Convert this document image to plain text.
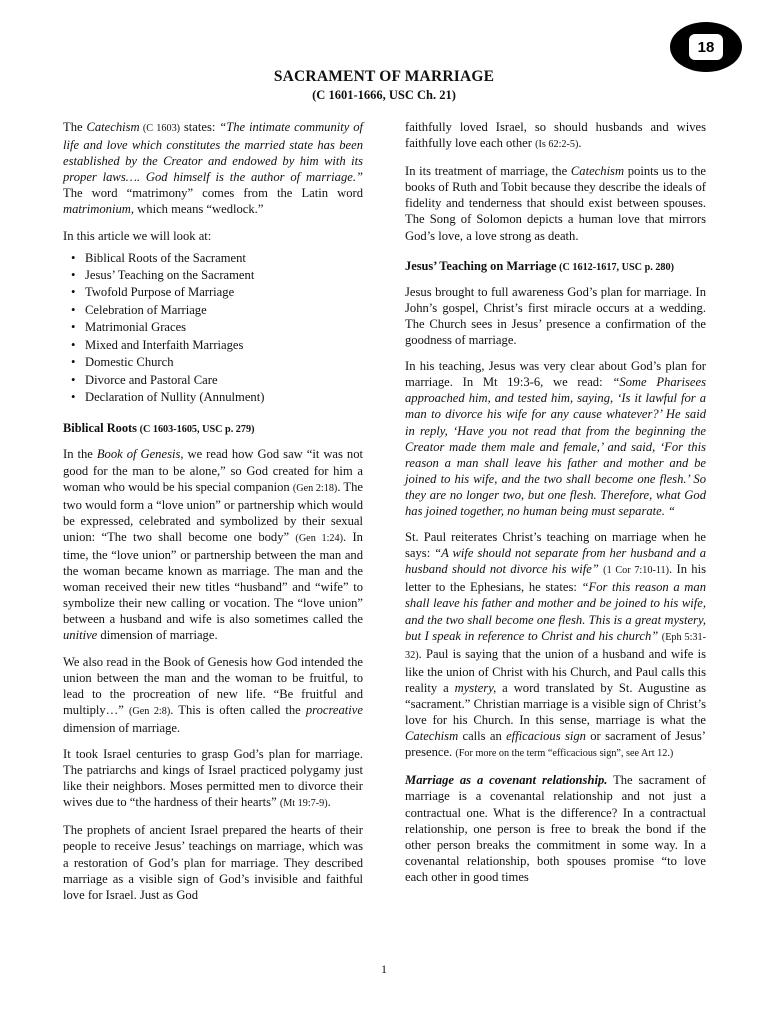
18
SACRAMENT OF MARRIAGE
(C 1601-1666, USC Ch. 21)

The Catechism (C 1603) states: “The intimate community of life and love which constitutes the married state has been established by the Creator and endowed by him with its proper laws…. God himself is the author of marriage.” The word “matrimony” comes from the Latin word matrimonium, which means “wedlock.”

In this article we will look at:

• Biblical Roots of the Sacrament
• Jesus’ Teaching on the Sacrament
• Twofold Purpose of Marriage
• Celebration of Marriage
• Matrimonial Graces
• Mixed and Interfaith Marriages
• Domestic Church
• Divorce and Pastoral Care
• Declaration of Nullity (Annulment)
Biblical Roots (C 1603-1605, USC p. 279)

In the Book of Genesis, we read how God saw “it was not good for the man to be alone,” so God created for him a woman who would be his special companion (Gen 2:18). The two would form a “love union” or partnership which would be expressed, celebrated and symbolized by their sexual union: “The two shall become one body” (Gen 1:24). In time, the “love union” or partnership between the man and the woman became known as marriage. The man and the woman received their new titles “husband” and “wife” to symbolize their new calling or vocation. The “love union” between a husband and wife is also sometimes called the unitive dimension of marriage.

We also read in the Book of Genesis how God intended the union between the man and the woman to be fruitful, to lead to the procreation of new life. “Be fruitful and multiply…” (Gen 2:8). This is often called the procreative dimension of marriage.

It took Israel centuries to grasp God’s plan for marriage. The patriarchs and kings of Israel practiced polygamy just like their neighbors. Moses permitted men to divorce their wives due to “the hardness of their hearts” (Mt 19:7-9).

The prophets of ancient Israel prepared the hearts of their people to receive Jesus’ teachings on marriage, which was a restoration of God’s plan for marriage. They described marriage as a visible sign of God’s invisible and faithful love for Israel. Just as God

faithfully loved Israel, so should husbands and wives faithfully love each other (Is 62:2-5).

In its treatment of marriage, the Catechism points us to the books of Ruth and Tobit because they describe the ideals of fidelity and tenderness that should exist between spouses. The Song of Solomon depicts a human love that mirrors God’s love, a love strong as death.

Jesus’ Teaching on Marriage (C 1612-1617, USC p. 280)

Jesus brought to full awareness God’s plan for marriage. In John’s gospel, Christ’s first miracle occurs at a wedding. The Church sees in Jesus’ presence a confirmation of the goodness of marriage.

In his teaching, Jesus was very clear about God’s plan for marriage. In Mt 19:3-6, we read: “Some Pharisees approached him, and tested him, saying, ‘Is it lawful for a man to divorce his wife for any cause whatever?’ He said in reply, ‘Have you not read that from the beginning the Creator made them male and female,’ and said, ‘For this reason a man shall leave his father and mother and be joined to his wife, and the two shall become one flesh.’ So they are no longer two, but one flesh. Therefore, what God has joined together, no human being must separate. “

St. Paul reiterates Christ’s teaching on marriage when he says: “A wife should not separate from her husband and a husband should not divorce his wife” (1 Cor 7:10-11). In his letter to the Ephesians, he states: “For this reason a man shall leave his father and mother and be joined to his wife, and the two shall become one flesh. This is a great mystery, but I speak in reference to Christ and his church” (Eph 5:31-32). Paul is saying that the union of a husband and wife is like the union of Christ with his Church, and Paul calls this reality a mystery, a word translated by St. Augustine as “sacrament.” Christian marriage is a visible sign of Christ’s love for his Church. In this sense, marriage is what the Catechism calls an efficacious sign or sacrament of Jesus’ presence. (For more on the term “efficacious sign”, see Art 12.)

Marriage as a covenant relationship. The sacrament of marriage is a covenantal relationship and not just a contractual one. What is the difference? In a contractual relationship, one person is free to break the bond if the other person breaks the commitment in some way. In a covenantal relationship, both spouses promise “to love each other in good times

1
